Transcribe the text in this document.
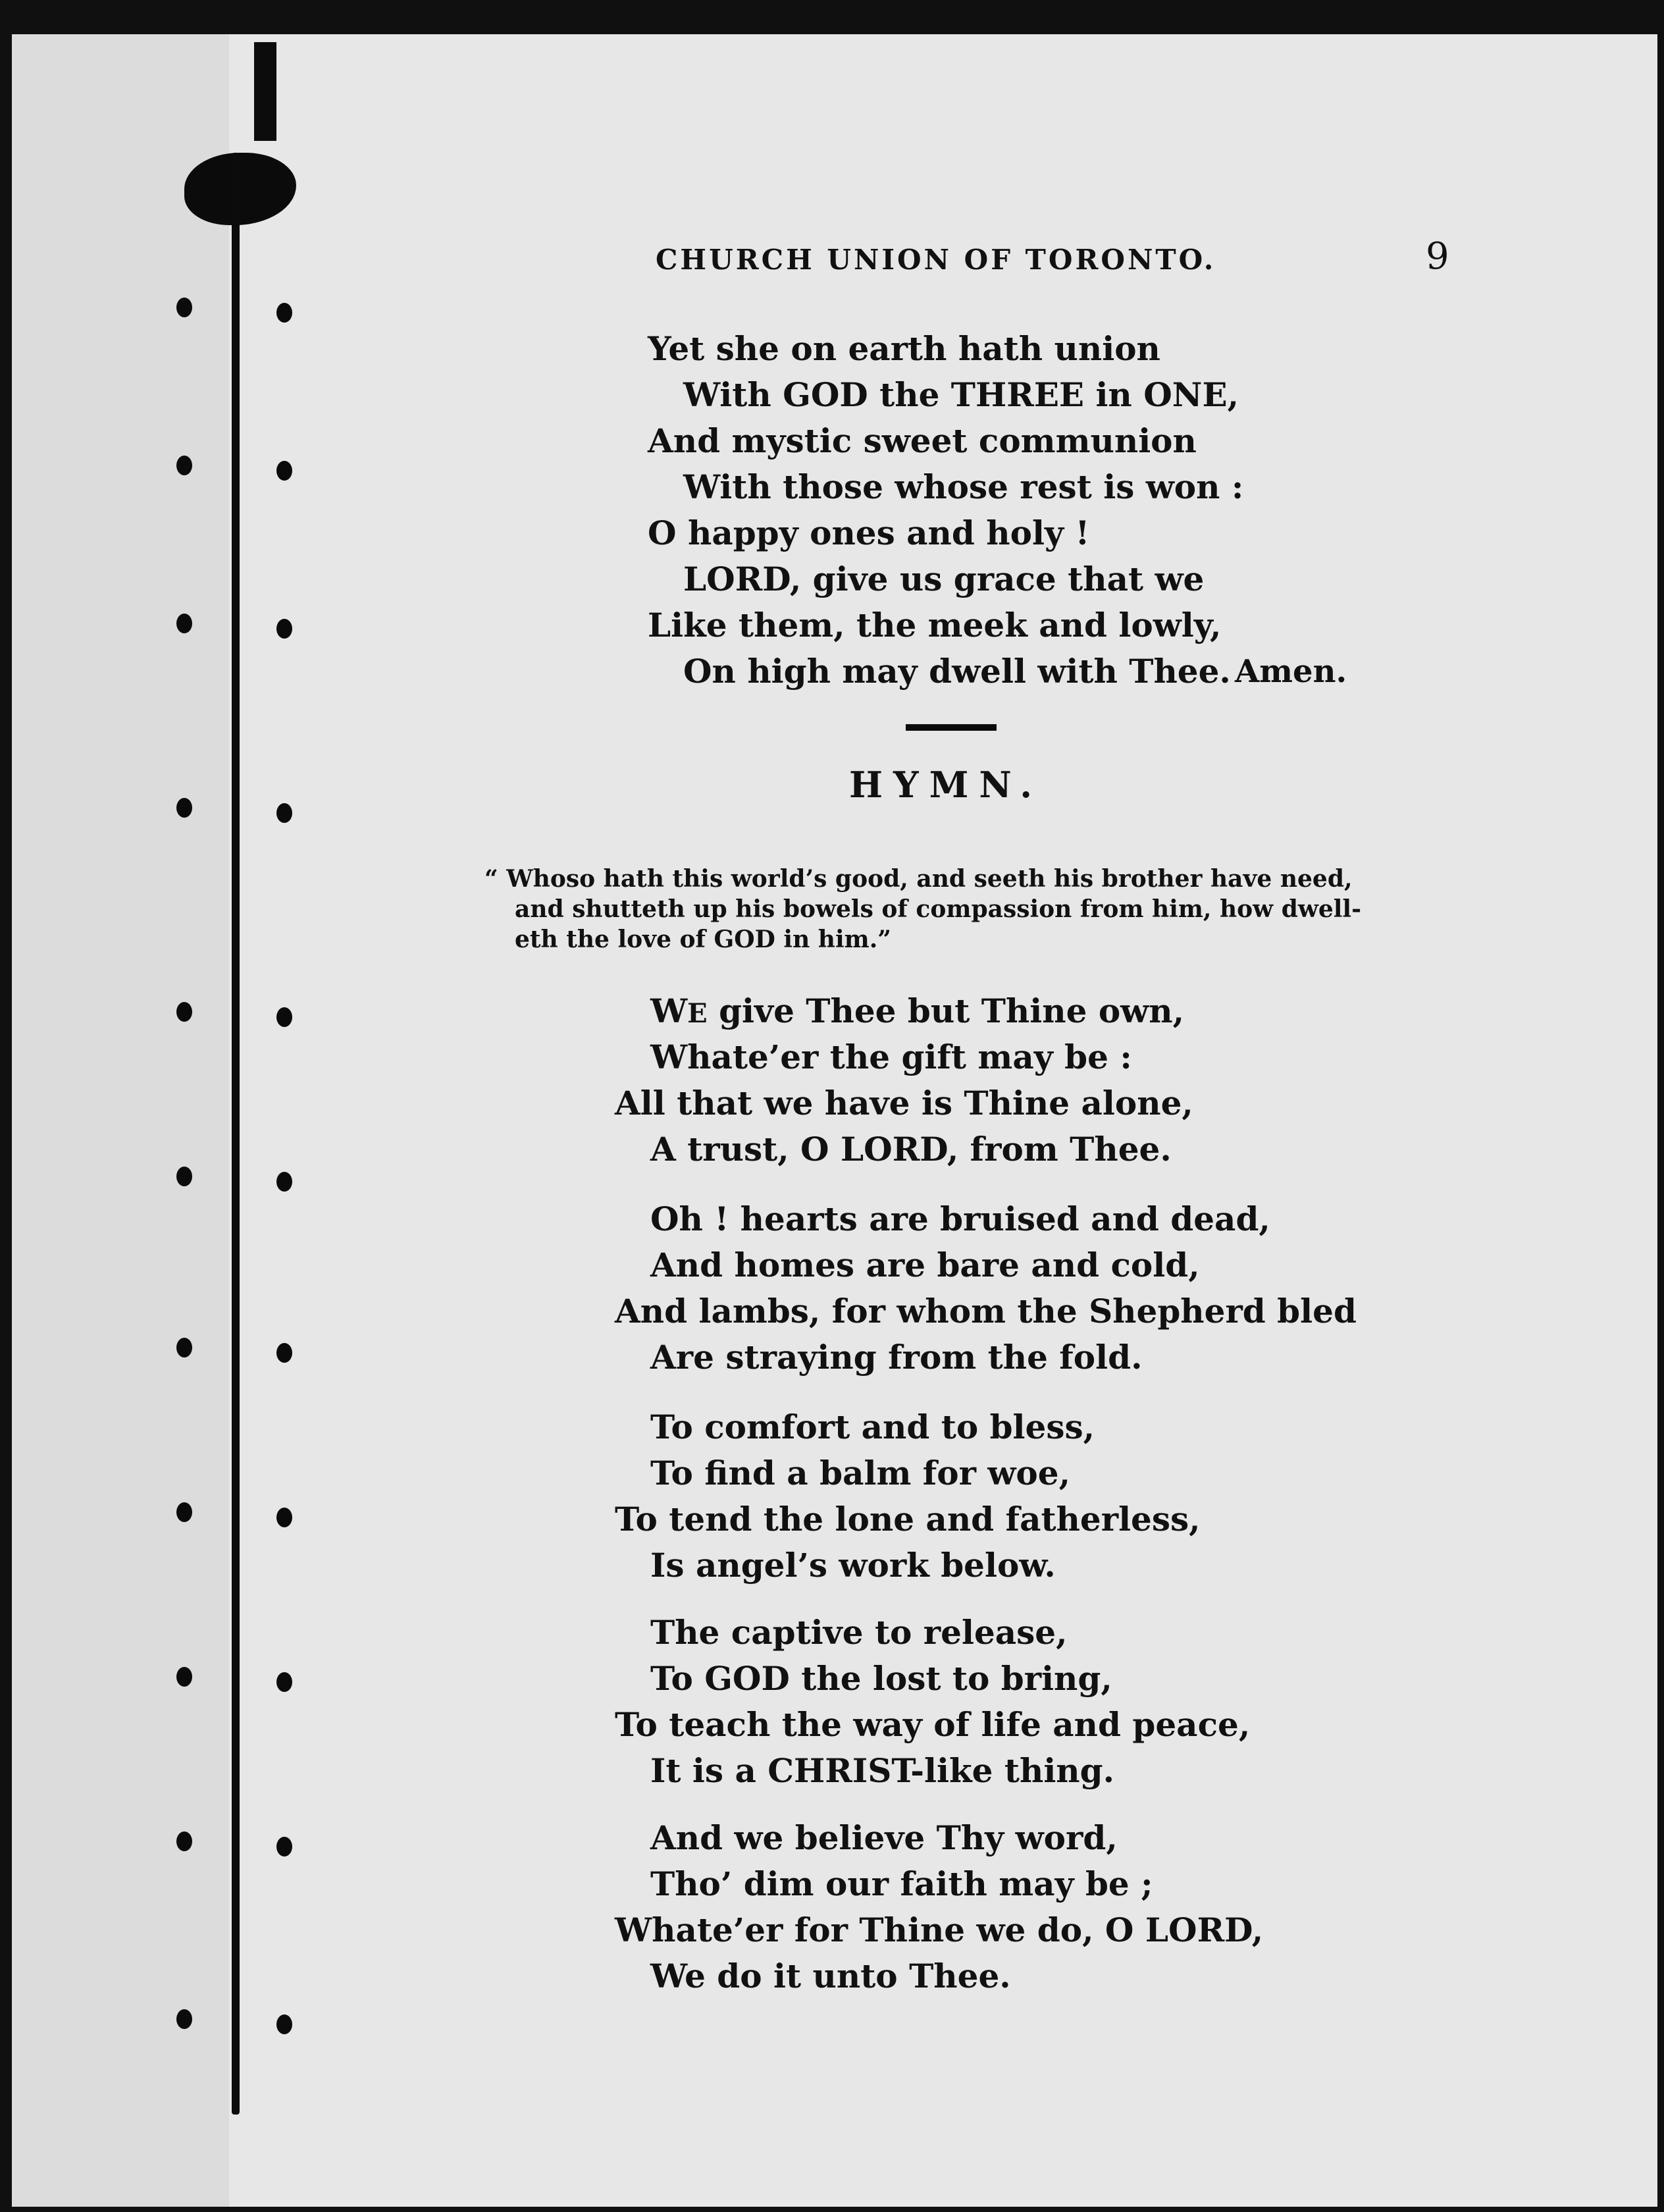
CHURCH UNION OF TORONTO.	9
Yet she on earth hath union
With GOD the THREE in ONE,
And mystic sweet communion
With those whose rest is won :
O happy ones and holy !
LORD, give us grace that we
Like them, the meek and lowly,
On high may dwell with Thee. Amen.
HYMN.
“ Whoso hath this world’s good, and seeth his brother have need,
and shutteth up his bowels of compassion from him, how dwell-
eth the love of GOD in him.”
WE give Thee but Thine own,
Whate’er the gift may be :
All that we have is Thine alone,
A trust, O LORD, from Thee.
Oh ! hearts are bruised and dead,
And homes are bare and cold,
And lambs, for whom the Shepherd bled
Are straying from the fold.
To comfort and to bless,
To find a balm for woe,
To tend the lone and fatherless,
Is angel’s work below.
The captive to release,
To GOD the lost to bring,
To teach the way of life and peace,
It is a CHRIST-like thing.
And we believe Thy word,
Tho’ dim our faith may be ;
Whate’er for Thine we do, O LORD,
We do it unto Thee.
